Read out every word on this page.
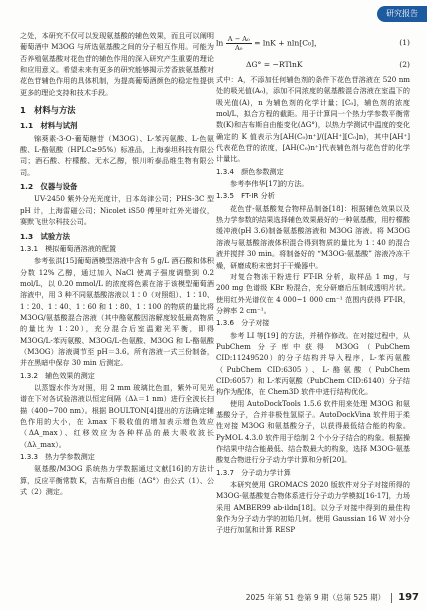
研究报告

之处，本研究不仅可以发现氨基酸的辅色效果，而且可以阐明葡萄酒中 M3OG 与所选氨基酸之间的分子相互作用。可能为否养殖氨基酸对花色苷的辅色作用的深入研究产生重要的理论和应用意义。希望未来有更多的研究能够揭示芳香族氨基酸对花色苷辅色作用的具体机制，为提高葡萄酒颜色的稳定性提供更多的理论支持和技术手段。

1　材料与方法
1.1　材料与试剂

锦葵素-3-O-葡萄糖苷（M3OG）、L-苯丙氨酸、L-色氨酸、L-酪氨酸（HPLC≥95%）标准品，上海泰坦科技有限公司；酒石酸、柠檬酸、无水乙醇，银川昕泰品维生物有限公司。

1.2　仪器与设备

UV-2450 紫外分光光度计，日本岛津公司；PHS-3C 型 pH 计，上海雷磁公司；Nicolet iS50 傅里叶红外光谱仪，赛默飞世尔科技公司。

1.3　试验方法
1.3.1　模拟葡萄酒溶液的配置

参考张洪[15]葡萄酒模型溶液中含有 5 g/L 酒石酸和体积分数 12% 乙醇，通过加入 NaCl 使离子强度调整到 0.2 mol/L，以 0.20 mmol/L 的浓度将色素在溶于该模型葡萄酒溶液中，用 3 种不同氨基酸溶液以 1∶0（对照组）、1∶10、1∶20、1∶40、1∶60 和 1∶80、1∶100 的物质的量比将 M3OG/氨基酸混合溶液（其中酪氨酸因溶解度较低最高物质的量比为 1∶20），充分混合后室温避光平衡，即得 M3OG/L-苯丙氨酸、M3OG/L-色氨酸、M3OG 和 L-酪氨酸（M3OG）溶液调节至 pH＝3.6。所有溶液一式三份制备，并在黑暗中保存 30 min 后测定。

1.3.2　辅色效果的测定

以蒸馏水作为对照，用 2 mm 玻璃比色皿，紫外可见光谱在下对各试验溶液以恒定间隔（Δλ＝1 nm）进行全波长扫描（400~700 nm）。根据 BOULTON[4]提出的方法确定辅色作用的大小，在 λmax 下吸收值的增加表示增色效应（ΔA_max）、红移效应为各种样品的最大吸收波长（Δλ_max）。

1.3.3　热力学参数测定

氨基酸/M3OG 系统热力学数据通过文献[16]的方法计算，反应平衡常数 K，吉布斯自由能（ΔG°）由公式（1）、公式（2）测定。

$\ln \frac{\text{A − A₀}}{\text{A₀}} = \ln K + nln[C_0]$，	(1)
ΔG° = −RTlnK	(2)

式中：A，不添加任何辅色剂的条件下花色苷溶液在 520 nm 处的吸光值(A₀)，添加不同浓度的氨基酸混合溶液在室温下的吸光值(A)，n 为辅色剂的化学计量；[C₀]，辅色剂的浓度 mol/L，拟合方程的截距。用于计算同一个热力学参数平衡常数(K)和吉布斯自由能变化(ΔG°)，以热力学测试中温度的变化确定的 K 值表示为[AH(C₀)n⁺]/([AH⁺][C₀]n)，其中[AH⁺]代表花色苷的浓度，[AH(C₀)n⁺]代表辅色剂与花色苷的化学计量比。

1.3.4　颜色参数测定

参考李伟华[17]的方法。

1.3.5　FT-IR 分析

花色苷-氨基酸复合物样品制备[18]：根据辅色效果以及热力学参数的结果选择辅色效果最好的一种氨基酸，用柠檬酸缓冲液(pH 3.6)制备氨基酸溶液和 M3OG 溶液。将 M3OG 溶液与氨基酸溶液体积混合得到物质的量比为 1∶40 的混合液并搅拌 30 min。将制备好的 “M3OG-氨基酸” 溶液冷冻干燥，研磨成粉末密封于干燥器中。

对复合物冻干粉进行 FT-IR 分析，取样品 1 mg，与 200 mg 色谱级 KBr 粉混合，充分研磨后压制成透明片状。使用红外光谱仪在 4 000~1 000 cm⁻¹ 范围内获得 FT-IR，分辨率 2 cm⁻¹。

1.3.6　分子对接

参考 LI 等[19] 的方法，并稍作修改。在对接过程中，从 PubChem 分子库中获得 M3OG（PubChem CID:11249520）的分子结构并导入程序，L-苯丙氨酸（PubChem CID:6305）、L-酪氨酸（PubChem CID:6057）和 L-苯丙氨酸（PubChem CID:6140）分子结构作为配体，在 Chem3D 软件中进行结构优化。

使用 AutoDockTools 1.5.6 软件用来处理 M3OG 和氨基酸分子，合并非极性氢原子。AutoDockVina 软件用于柔性对接 M3OG 和氨基酸分子，以获得最低结合能的构象。PyMOL 4.3.0 软件用于绘制 2 个小分子结合的构象。根据操作结果中结合能最低、结合数最大的构象，选择 M3OG-氨基酸复合物进行分子动力学计算和分析[20]。

1.3.7　分子动力学计算

本研究使用 GROMACS 2020 版软件对分子对接所得的 M3OG-氨基酸复合物体系进行分子动力学模拟[16-17]，力场采用 AMBER99 ab-ildn[18]。以分子对接中得到的最佳构象作为分子动力学的初始几何。使用 Gaussian 16 W 对小分子进行加氢和计算 RESP

2025 年第 51 卷第 9 期（总第 525 期） 197
